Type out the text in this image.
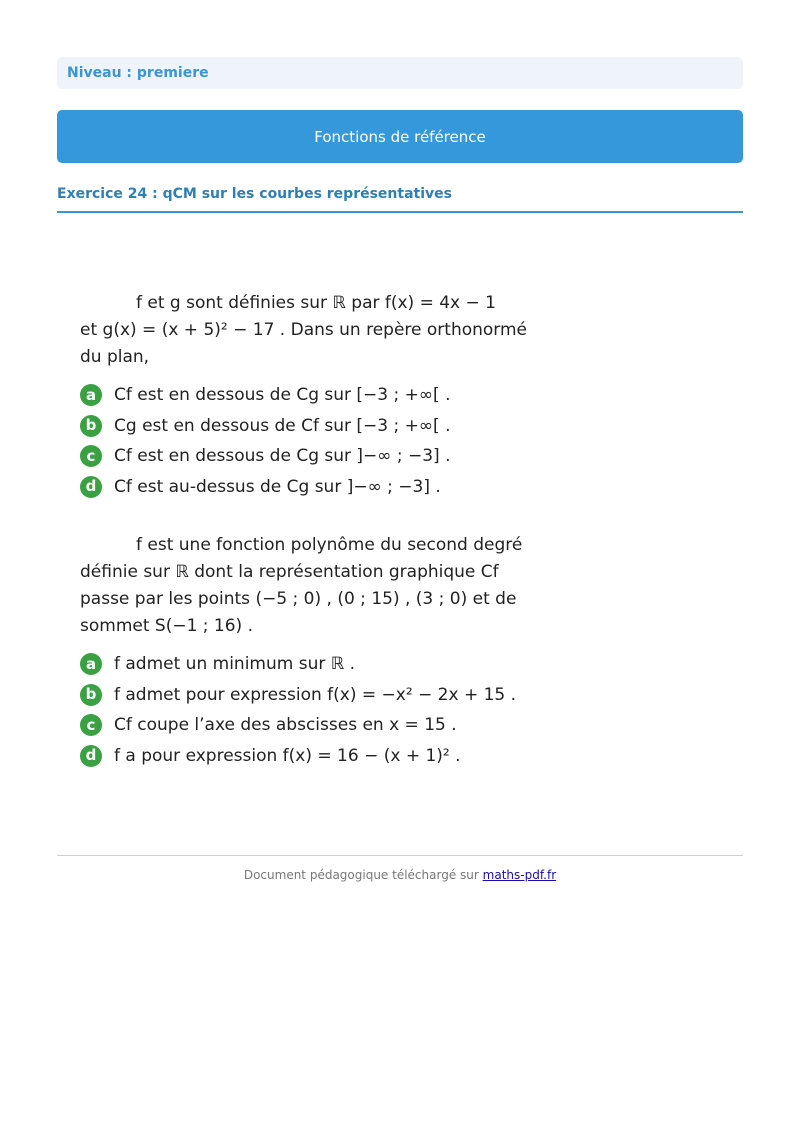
Niveau : premiere
Fonctions de référence
Exercice 24 : qCM sur les courbes représentatives
f et g sont définies sur ℝ par f(x) = 4x − 1
et g(x) = (x + 5)² − 17 . Dans un repère orthonormé
du plan,
a	Cf est en dessous de Cg sur [−3 ; +∞[ .
b	Cg est en dessous de Cf sur [−3 ; +∞[ .
c	Cf est en dessous de Cg sur ]−∞ ; −3] .
d	Cf est au-dessus de Cg sur ]−∞ ; −3] .
f est une fonction polynôme du second degré
définie sur ℝ dont la représentation graphique Cf
passe par les points (−5 ; 0) , (0 ; 15) , (3 ; 0) et de
sommet S(−1 ; 16) .
a	f admet un minimum sur ℝ .
b	f admet pour expression f(x) = −x² − 2x + 15 .
c	Cf coupe l’axe des abscisses en x = 15 .
d	f a pour expression f(x) = 16 − (x + 1)² .
Document pédagogique téléchargé sur maths-pdf.fr
